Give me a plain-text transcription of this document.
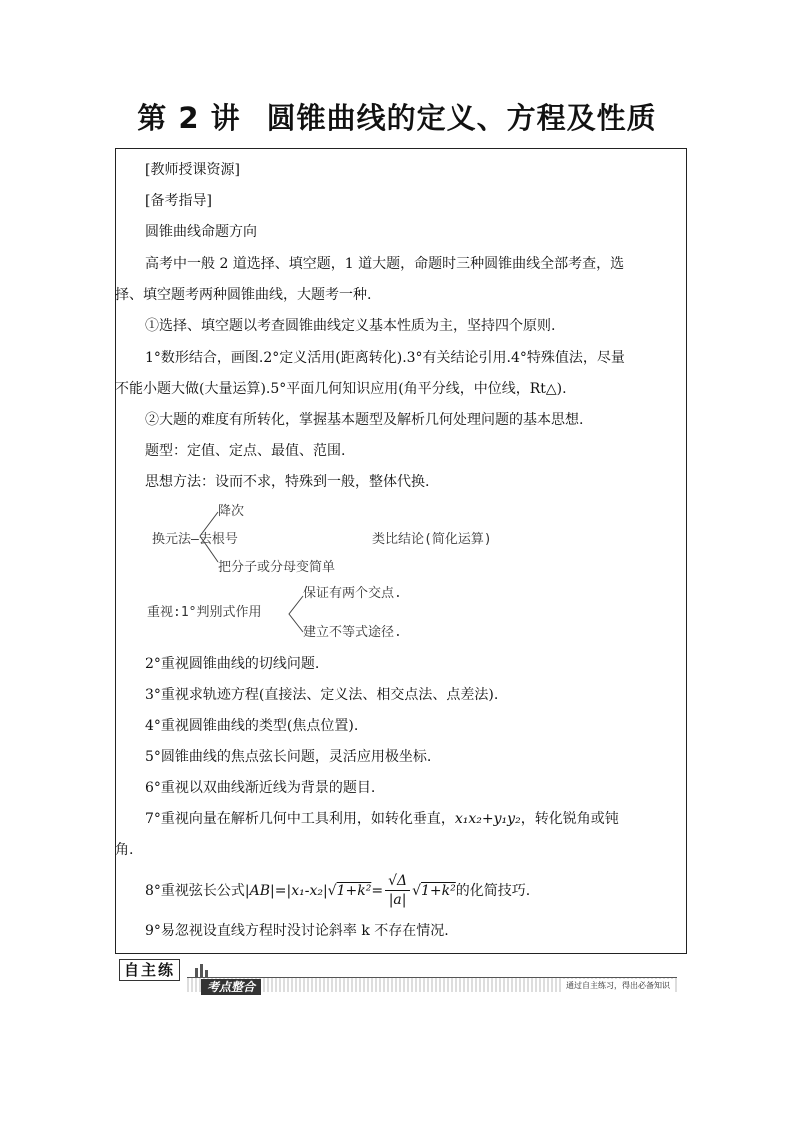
第 2 讲 圆锥曲线的定义、方程及性质
[教师授课资源]
[备考指导]
圆锥曲线命题方向
高考中一般 2 道选择、填空题，1 道大题，命题时三种圆锥曲线全部考查，选
择、填空题考两种圆锥曲线，大题考一种.
①选择、填空题以考查圆锥曲线定义基本性质为主，坚持四个原则.
1°数形结合，画图.2°定义活用(距离转化).3°有关结论引用.4°特殊值法，尽量
不能小题大做(大量运算).5°平面几何知识应用(角平分线，中位线，Rt△).
②大题的难度有所转化，掌握基本题型及解析几何处理问题的基本思想.
题型：定值、定点、最值、范围.
思想方法：设而不求，特殊到一般，整体代换.
降次
换元法—去根号	类比结论(简化运算)
把分子或分母变简单
保证有两个交点.
重视:1°判别式作用
建立不等式途径.
2°重视圆锥曲线的切线问题.
3°重视求轨迹方程(直接法、定义法、相交点法、点差法).
4°重视圆锥曲线的类型(焦点位置).
5°圆锥曲线的焦点弦长问题，灵活应用极坐标.
6°重视以双曲线渐近线为背景的题目.
7°重视向量在解析几何中工具利用，如转化垂直，x₁x₂+y₁y₂，转化锐角或钝
角.
8°重视弦长公式 |AB|=|x₁-x₂| √ $1+k^2 = \frac{√\Delta}{|a|}$ √ 1+k² 的化简技巧.
9°易忽视设直线方程时没讨论斜率 k 不存在情况.
自主练
考点整合	通过自主练习，得出必备知识
